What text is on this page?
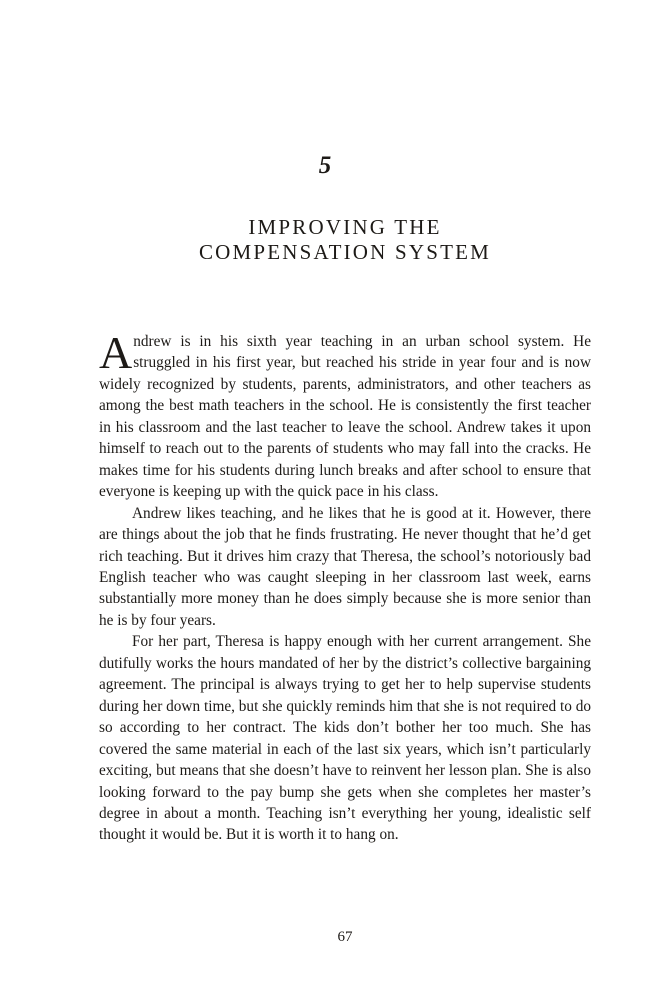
5
IMPROVING THE
COMPENSATION SYSTEM

Andrew is in his sixth year teaching in an urban school system. He struggled in his first year, but reached his stride in year four and is now widely recognized by students, parents, administrators, and other teachers as among the best math teachers in the school. He is consistently the first teacher in his classroom and the last teacher to leave the school. Andrew takes it upon himself to reach out to the parents of students who may fall into the cracks. He makes time for his students during lunch breaks and after school to ensure that everyone is keeping up with the quick pace in his class.

Andrew likes teaching, and he likes that he is good at it. However, there are things about the job that he finds frustrating. He never thought that he’d get rich teaching. But it drives him crazy that Theresa, the school’s notoriously bad English teacher who was caught sleeping in her classroom last week, earns substantially more money than he does simply because she is more senior than he is by four years.

For her part, Theresa is happy enough with her current arrangement. She dutifully works the hours mandated of her by the district’s collective bargaining agreement. The principal is always trying to get her to help supervise students during her down time, but she quickly reminds him that she is not required to do so according to her contract. The kids don’t bother her too much. She has covered the same material in each of the last six years, which isn’t particularly exciting, but means that she doesn’t have to reinvent her lesson plan. She is also looking forward to the pay bump she gets when she completes her master’s degree in about a month. Teaching isn’t everything her young, idealistic self thought it would be. But it is worth it to hang on.

67
